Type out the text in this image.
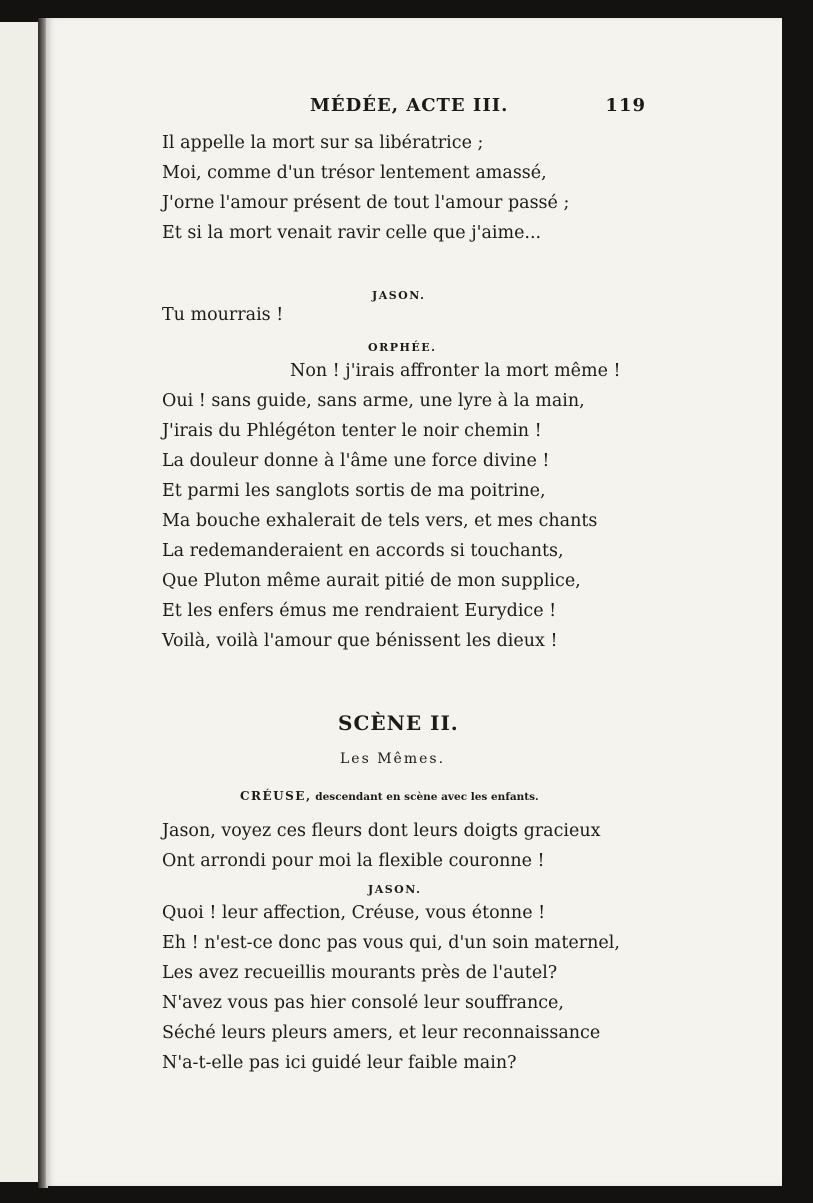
MÉDÉE, ACTE III.	119
Il appelle la mort sur sa libératrice ;
Moi, comme d'un trésor lentement amassé,
J'orne l'amour présent de tout l'amour passé ;
Et si la mort venait ravir celle que j'aime...
JASON.
Tu mourrais !
ORPHÉE.
Non ! j'irais affronter la mort même !
Oui ! sans guide, sans arme, une lyre à la main,
J'irais du Phlégéton tenter le noir chemin !
La douleur donne à l'âme une force divine !
Et parmi les sanglots sortis de ma poitrine,
Ma bouche exhalerait de tels vers, et mes chants
La redemanderaient en accords si touchants,
Que Pluton même aurait pitié de mon supplice,
Et les enfers émus me rendraient Eurydice !
Voilà, voilà l'amour que bénissent les dieux !
SCÈNE II.
Les Mêmes.
CRÉUSE, descendant en scène avec les enfants.
Jason, voyez ces fleurs dont leurs doigts gracieux
Ont arrondi pour moi la flexible couronne !
JASON.
Quoi ! leur affection, Créuse, vous étonne !
Eh ! n'est-ce donc pas vous qui, d'un soin maternel,
Les avez recueillis mourants près de l'autel?
N'avez vous pas hier consolé leur souffrance,
Séché leurs pleurs amers, et leur reconnaissance
N'a-t-elle pas ici guidé leur faible main?
